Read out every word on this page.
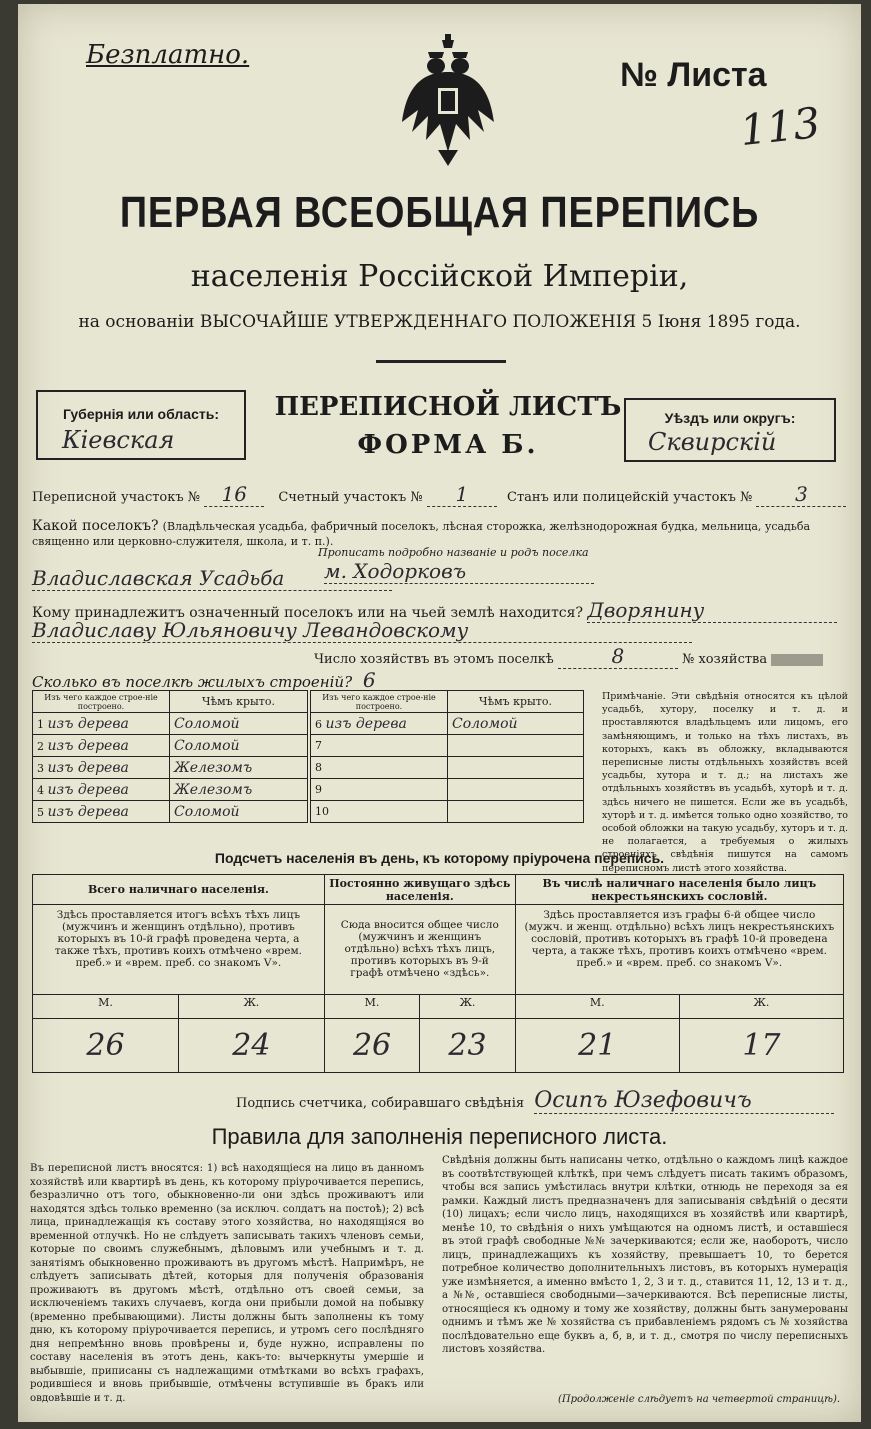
Безплатно.
№ Листа
113
ПЕРВАЯ ВСЕОБЩАЯ ПЕРЕПИСЬ
населенія Россійской Имперіи,
на основаніи ВЫСОЧАЙШЕ УТВЕРЖДЕННАГО ПОЛОЖЕНІЯ 5 Іюня 1895 года.
Губернія или область:
Кіевская
ПЕРЕПИСНОЙ ЛИСТЪ
ФОРМА Б.
Уѣздъ или округъ:
Сквирскій
Переписной участокъ № 16 Счетный участокъ № 1	Станъ или полицейскій участокъ № 3
Какой поселокъ? (Владѣльческая усадьба, фабричный поселокъ, лѣсная сторожка, желѣзнодорожная будка, мельница, усадьба священно или церковно-служителя, школа, и т. п.).
Прописать подробно названіе и родъ поселка м. Ходорковъ
Владиславская Усадьба
Кому принадлежитъ означенный поселокъ или на чьей землѣ находится? Дворянину
Владиславу Юльяновичу Левандовскому
Число хозяйствъ въ этомъ поселкѣ	8	№ хозяйства
Сколько въ поселкѣ жилыхъ строеній? 6
Изъ чего каждое строе-ніе построено.	Чѣмъ крыто.
1 изъ дерева	Соломой
2 изъ дерева	Соломой
3 изъ дерева	Железомъ
4 изъ дерева	Железомъ
5 изъ дерева	Соломой
Изъ чего каждое строе-ніе построено.	Чѣмъ крыто.
6 изъ дерева	Соломой
7	
8	
9	
10	
Примѣчаніе. Эти свѣдѣнія относятся къ цѣлой усадьбѣ, хутору, поселку и т. д. и проставляются владѣльцемъ или лицомъ, его замѣняющимъ, и только на тѣхъ листахъ, въ которыхъ, какъ въ обложку, вкладываются переписные листы отдѣльныхъ хозяйствъ всей усадьбы, хутора и т. д.; на листахъ же отдѣльныхъ хозяйствъ въ усадьбѣ, хуторѣ и т. д. здѣсь ничего не пишется. Если же въ усадьбѣ, хуторѣ и т. д. имѣется только одно хозяйство, то особой обложки на такую усадьбу, хуторъ и т. д. не полагается, а требуемыя о жилыхъ строеніяхъ свѣдѣнія пишутся на самомъ переписномъ листѣ этого хозяйства.
Подсчетъ населенія въ день, къ которому пріурочена перепись.
Всего наличнаго населенія.		Постоянно живущаго здѣсь населенія.		Въ числѣ наличнаго населенія было лицъ некрестьянскихъ сословій.	
Здѣсь проставляется итогъ всѣхъ тѣхъ лицъ (мужчинъ и женщинъ отдѣльно), противъ которыхъ въ 10-й графѣ проведена черта, а также тѣхъ, противъ коихъ отмѣчено «врем. преб.» и «врем. преб. со знакомъ V».		Сюда вносится общее число (мужчинъ и женщинъ отдѣльно) всѣхъ тѣхъ лицъ, противъ которыхъ въ 9-й графѣ отмѣчено «здѣсь».		Здѣсь проставляется изъ графы 6-й общее число (мужч. и женщ. отдѣльно) всѣхъ лицъ некрестьянскихъ сословій, противъ которыхъ въ графѣ 10-й проведена черта, а также тѣхъ, противъ коихъ отмѣчено «врем. преб.» и «врем. преб. со знакомъ V».	
М.	Ж.	М.	Ж.	М.	Ж.
26	24	26	23	21	17
Подпись счетчика, собиравшаго свѣдѣнія Осипъ Юзефовичъ
Правила для заполненія переписного листа.
Въ переписной листъ вносятся: 1) всѣ находящіеся на лицо въ данномъ хозяйствѣ или квартирѣ въ день, къ которому пріурочивается перепись, безразлично отъ того, обыкновенно-ли они здѣсь проживаютъ или находятся здѣсь только временно (за исключ. солдатъ на постоѣ); 2) всѣ лица, принадлежащія къ составу этого хозяйства, но находящіяся во временной отлучкѣ. Но не слѣдуетъ записывать такихъ членовъ семьи, которые по своимъ служебнымъ, дѣловымъ или учебнымъ и т. д. занятіямъ обыкновенно проживаютъ въ другомъ мѣстѣ. Напримѣръ, не слѣдуетъ записывать дѣтей, которыя для полученія образованія проживаютъ въ другомъ мѣстѣ, отдѣльно отъ своей семьи, за исключеніемъ такихъ случаевъ, когда они прибыли домой на побывку (временно пребывающими). Листы должны быть заполнены къ тому дню, къ которому пріурочивается перепись, и утромъ сего послѣдняго дня непремѣнно вновь провѣрены и, буде нужно, исправлены по составу населенія въ этотъ день, какъ-то: вычеркнуты умершіе и выбывшіе, приписаны съ надлежащими отмѣтками во всѣхъ графахъ, родившіеся и вновь прибывшіе, отмѣчены вступившіе въ бракъ или овдовѣвшіе и т. д.
Свѣдѣнія должны быть написаны четко, отдѣльно о каждомъ лицѣ каждое въ соотвѣтствующей клѣткѣ, при чемъ слѣдуетъ писать такимъ образомъ, чтобы вся запись умѣстилась внутри клѣтки, отнюдь не переходя за ея рамки. Каждый листъ предназначенъ для записыванія свѣдѣній о десяти (10) лицахъ; если число лицъ, находящихся въ хозяйствѣ или квартирѣ, менѣе 10, то свѣдѣнія о нихъ умѣщаются на одномъ листѣ, и оставшіеся въ этой графѣ свободные №№ зачеркиваются; если же, наоборотъ, число лицъ, принадлежащихъ къ хозяйству, превышаетъ 10, то берется потребное количество дополнительныхъ листовъ, въ которыхъ нумерація уже измѣняется, а именно вмѣсто 1, 2, 3 и т. д., ставится 11, 12, 13 и т. д., а №№, оставшіеся свободными—зачеркиваются. Всѣ переписные листы, относящіеся къ одному и тому же хозяйству, должны быть занумерованы однимъ и тѣмъ же № хозяйства съ прибавленіемъ рядомъ съ № хозяйства послѣдовательно еще буквъ а, б, в, и т. д., смотря по числу переписныхъ листовъ хозяйства.
(Продолженіе слѣдуетъ на четвертой страницѣ).
